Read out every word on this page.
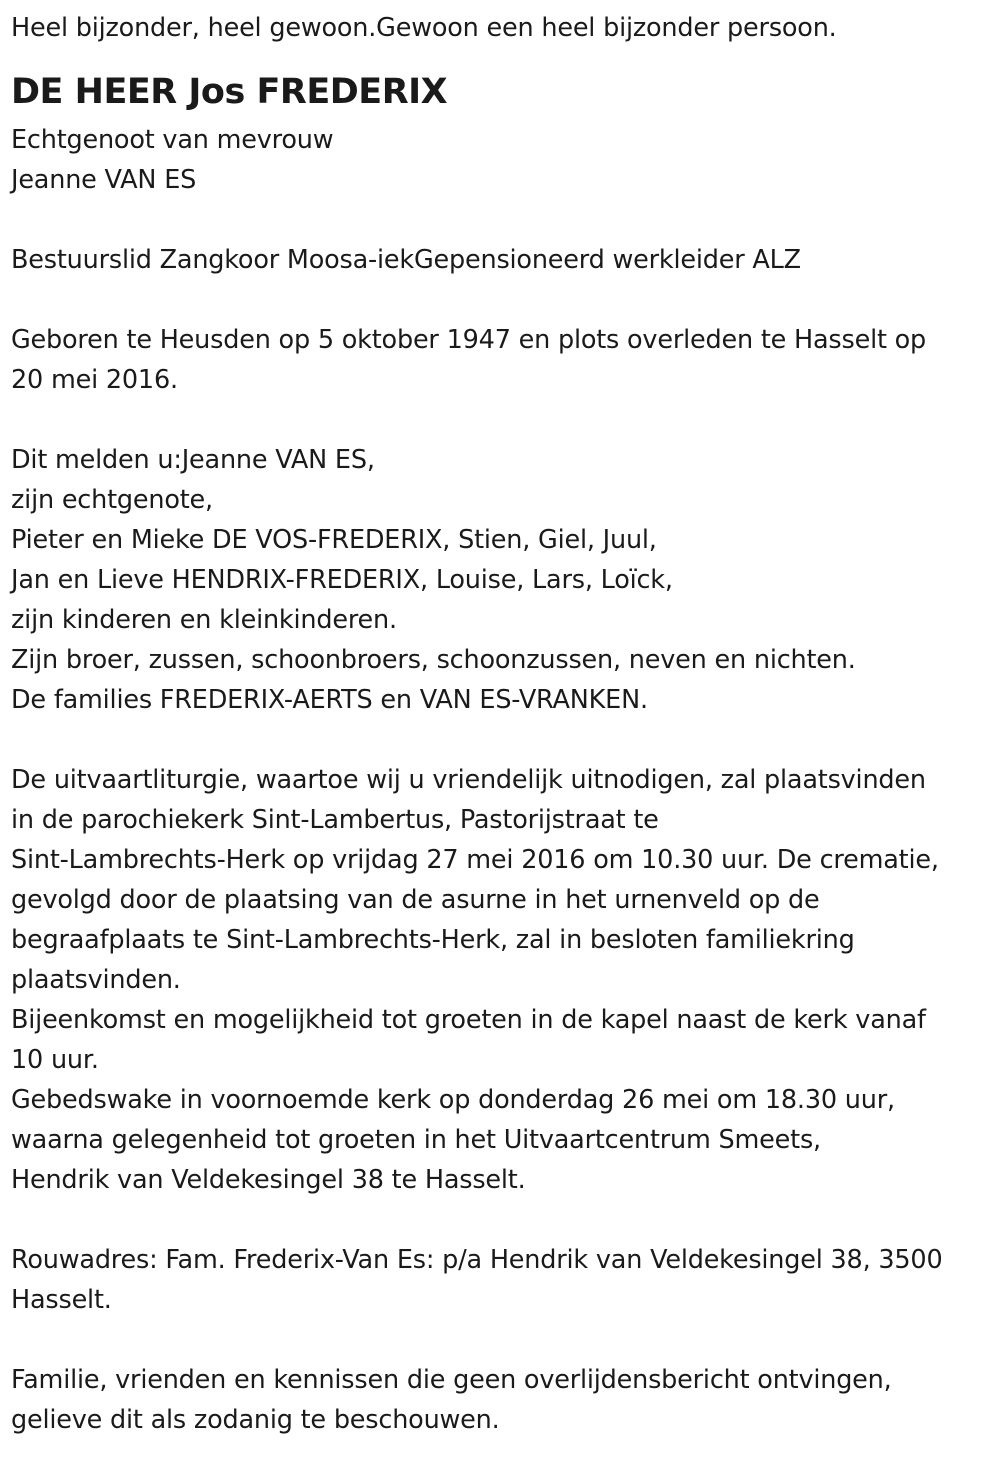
Heel bijzonder, heel gewoon.Gewoon een heel bijzonder persoon.
DE HEER Jos FREDERIX
Echtgenoot van mevrouw
Jeanne VAN ES
Bestuurslid Zangkoor Moosa-iekGepensioneerd werkleider ALZ
Geboren te Heusden op 5 oktober 1947 en plots overleden te Hasselt op
20 mei 2016.
Dit melden u:Jeanne VAN ES,
zijn echtgenote,
Pieter en Mieke DE VOS-FREDERIX, Stien, Giel, Juul,
Jan en Lieve HENDRIX-FREDERIX, Louise, Lars, Loïck,
zijn kinderen en kleinkinderen.
Zijn broer, zussen, schoonbroers, schoonzussen, neven en nichten.
De families FREDERIX-AERTS en VAN ES-VRANKEN.
De uitvaartliturgie, waartoe wij u vriendelijk uitnodigen, zal plaatsvinden
in de parochiekerk Sint-Lambertus, Pastorijstraat te
Sint-Lambrechts-Herk op vrijdag 27 mei 2016 om 10.30 uur. De crematie,
gevolgd door de plaatsing van de asurne in het urnenveld op de
begraafplaats te Sint-Lambrechts-Herk, zal in besloten familiekring
plaatsvinden.
Bijeenkomst en mogelijkheid tot groeten in de kapel naast de kerk vanaf
10 uur.
Gebedswake in voornoemde kerk op donderdag 26 mei om 18.30 uur,
waarna gelegenheid tot groeten in het Uitvaartcentrum Smeets,
Hendrik van Veldekesingel 38 te Hasselt.
Rouwadres: Fam. Frederix-Van Es: p/a Hendrik van Veldekesingel 38, 3500
Hasselt.
Familie, vrienden en kennissen die geen overlijdensbericht ontvingen,
gelieve dit als zodanig te beschouwen.
